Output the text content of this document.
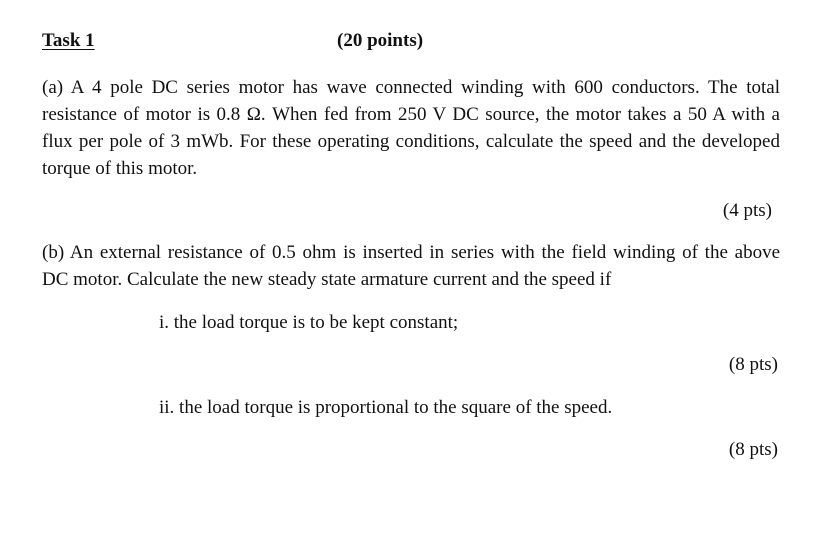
Task 1	(20 points)
(a) A 4 pole DC series motor has wave connected winding with 600 conductors. The total
resistance of motor is 0.8 Ω. When fed from 250 V DC source, the motor takes a 50 A with a
flux per pole of 3 mWb. For these operating conditions, calculate the speed and the developed
torque of this motor.
(4 pts)
(b) An external resistance of 0.5 ohm is inserted in series with the field winding of the above
DC motor. Calculate the new steady state armature current and the speed if
i. the load torque is to be kept constant;
(8 pts)
ii. the load torque is proportional to the square of the speed.
(8 pts)
